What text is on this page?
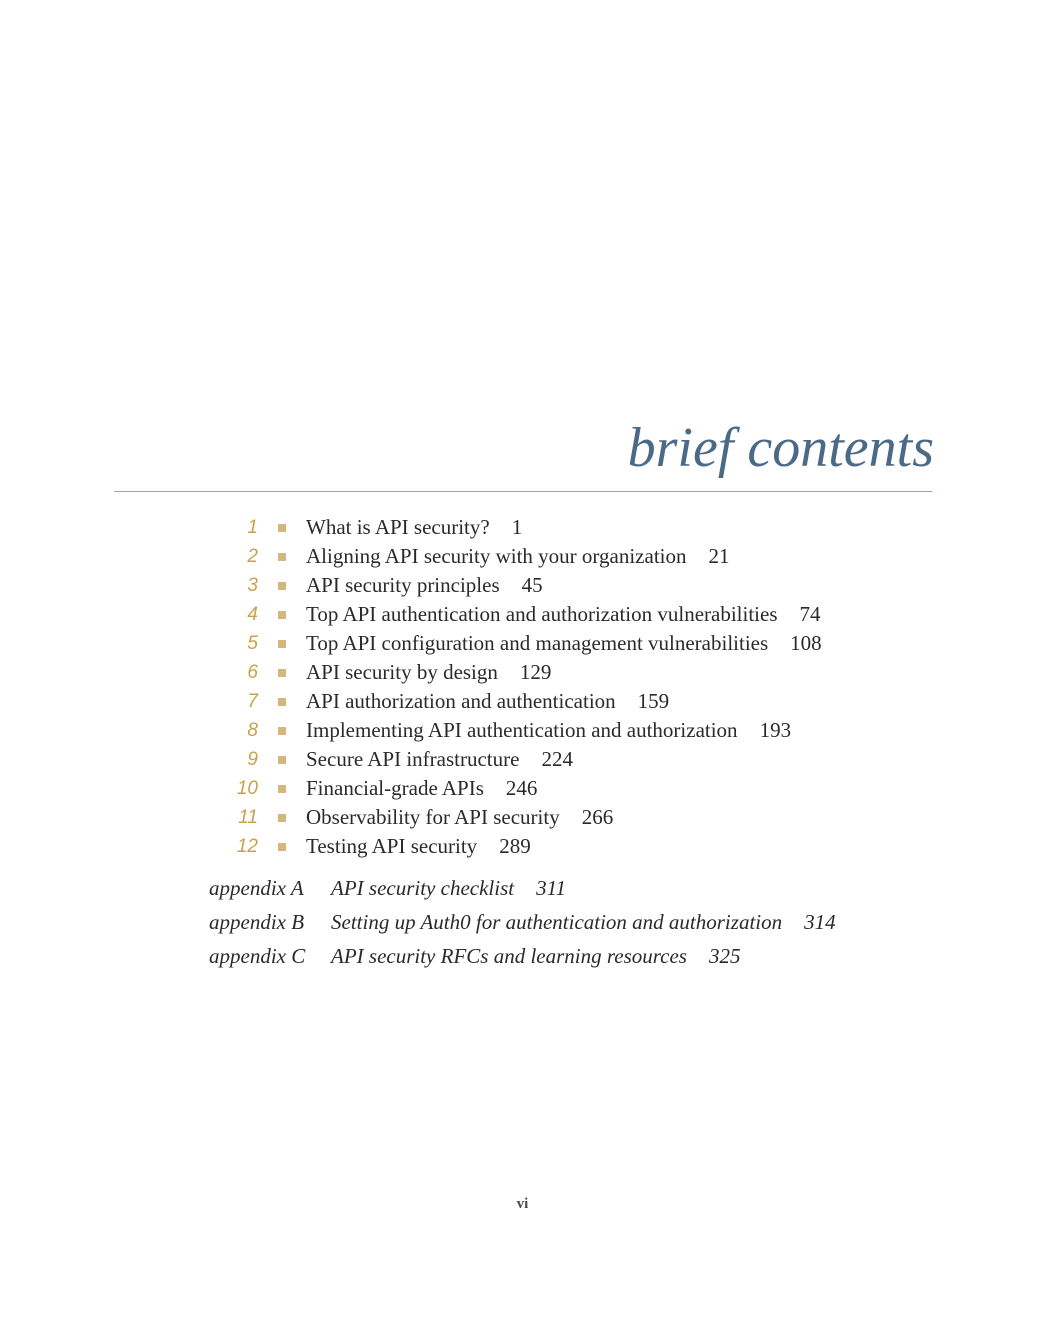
brief contents
1 What is API security? 1
2 Aligning API security with your organization 21
3 API security principles 45
4 Top API authentication and authorization vulnerabilities 74
5 Top API configuration and management vulnerabilities 108
6 API security by design 129
7 API authorization and authentication 159
8 Implementing API authentication and authorization 193
9 Secure API infrastructure 224
10 Financial-grade APIs 246
11 Observability for API security 266
12 Testing API security 289
appendix A API security checklist 311
appendix B Setting up Auth0 for authentication and authorization 314
appendix C API security RFCs and learning resources 325
vi
